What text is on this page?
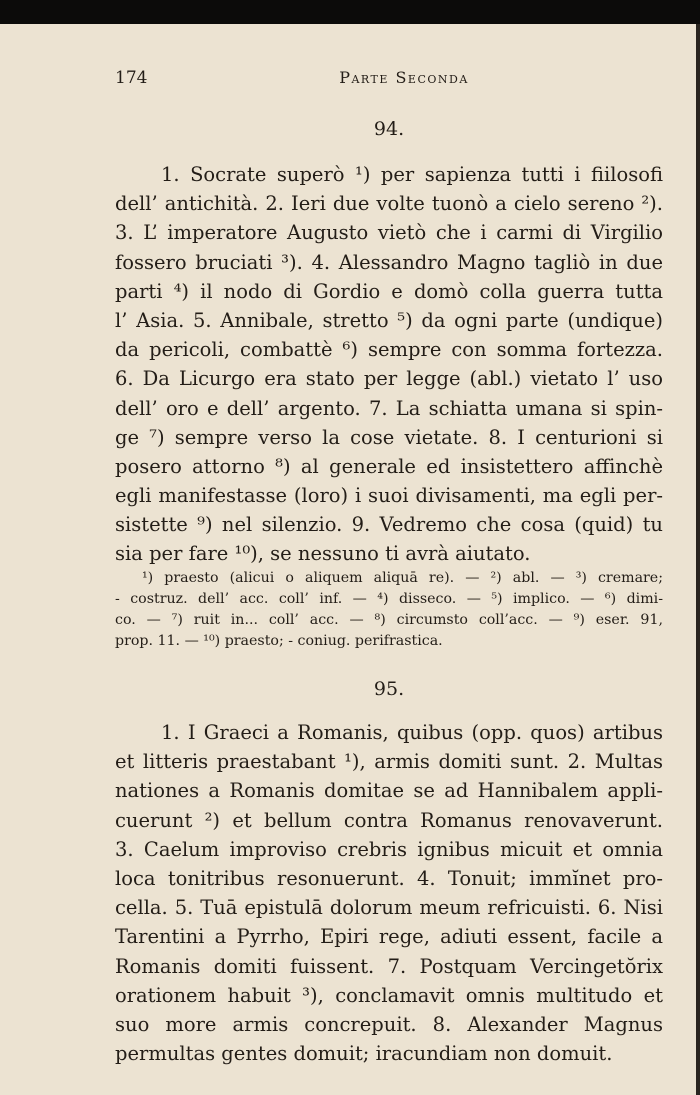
174	Parte Seconda
94.
1. Socrate superò ¹) per sapienza tutti i fiilosofi
dell’ antichità. 2. Ieri due volte tuonò a cielo sereno ²).
3. L’ imperatore Augusto vietò che i carmi di Virgilio
fossero bruciati ³). 4. Alessandro Magno tagliò in due
parti ⁴) il nodo di Gordio e domò colla guerra tutta
l’ Asia. 5. Annibale, stretto ⁵) da ogni parte (undique)
da pericoli, combattè ⁶) sempre con somma fortezza.
6. Da Licurgo era stato per legge (abl.) vietato l’ uso
dell’ oro e dell’ argento. 7. La schiatta umana si spin-
ge ⁷) sempre verso la cose vietate. 8. I centurioni si
posero attorno ⁸) al generale ed insistettero affinchè
egli manifestasse (loro) i suoi divisamenti, ma egli per-
sistette ⁹) nel silenzio. 9. Vedremo che cosa (quid) tu
sia per fare ¹⁰), se nessuno ti avrà aiutato.
¹) praesto (alicui o aliquem aliquā re). — ²) abl. — ³) cremare;
- costruz. dell’ acc. coll’ inf. — ⁴) disseco. — ⁵) implico. — ⁶) dimi-
co. — ⁷) ruit in... coll’ acc. — ⁸) circumsto coll’acc. — ⁹) eser. 91,
prop. 11. — ¹⁰) praesto; - coniug. perifrastica.
95.
1. I Graeci a Romanis, quibus (opp. quos) artibus
et litteris praestabant ¹), armis domiti sunt. 2. Multas
nationes a Romanis domitae se ad Hannibalem appli-
cuerunt ²) et bellum contra Romanus renovaverunt.
3. Caelum improviso crebris ignibus micuit et omnia
loca tonitribus resonuerunt. 4. Tonuit; immĭnet pro-
cella. 5. Tuā epistulā dolorum meum refricuisti. 6. Nisi
Tarentini a Pyrrho, Epiri rege, adiuti essent, facile a
Romanis domiti fuissent. 7. Postquam Vercingetŏrix
orationem habuit ³), conclamavit omnis multitudo et
suo more armis concrepuit. 8. Alexander Magnus
permultas gentes domuit; iracundiam non domuit.
